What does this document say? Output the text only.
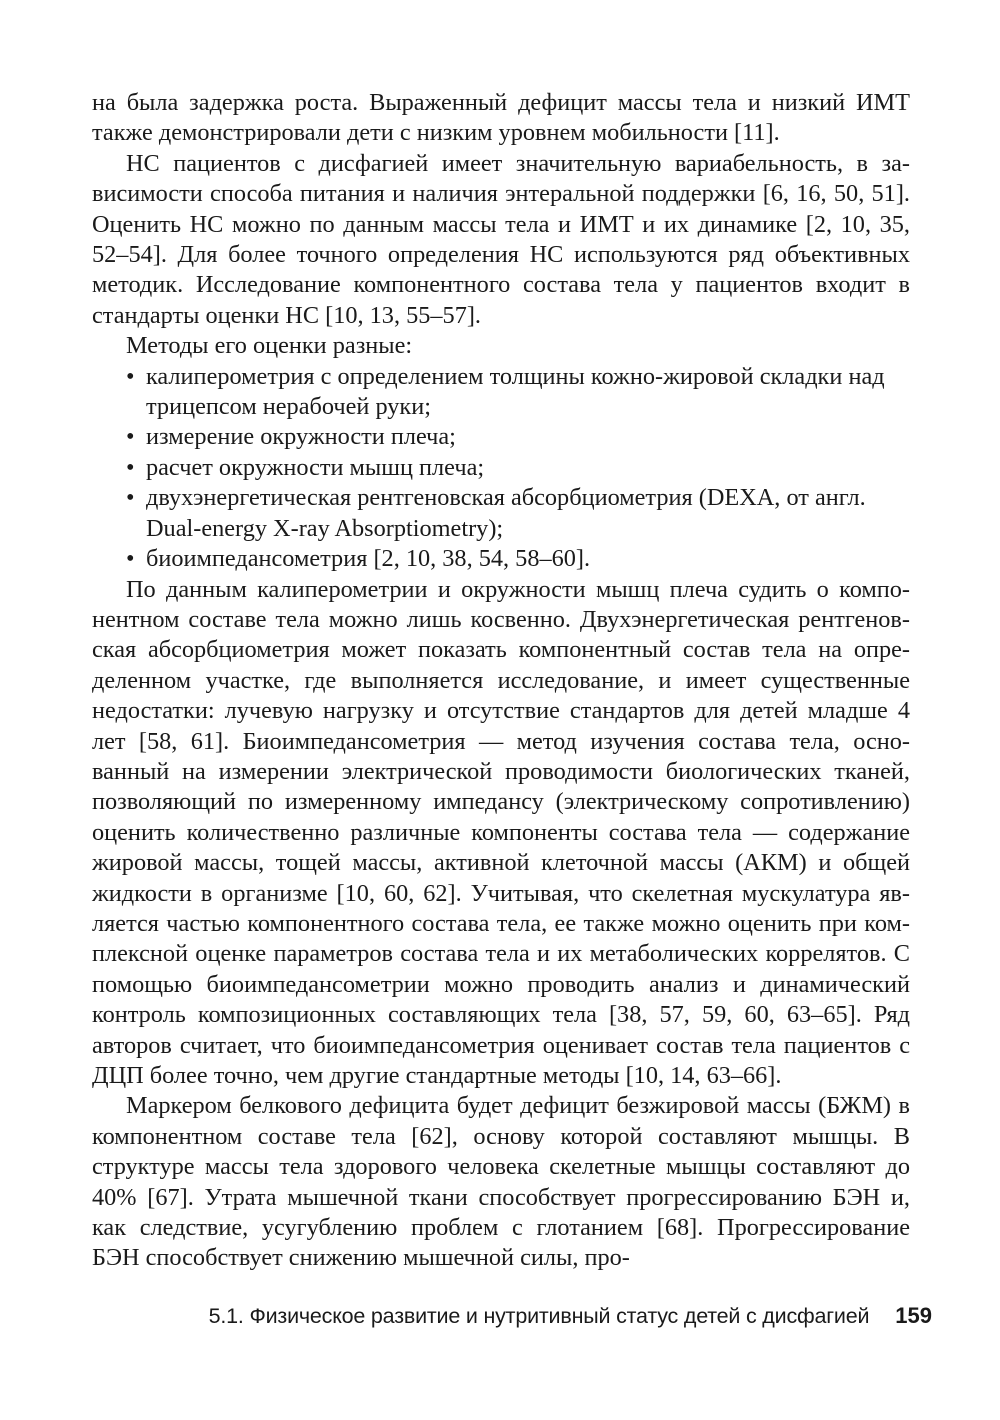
на была задержка роста. Выраженный дефицит массы тела и низкий ИМТ также демонстрировали дети с низким уровнем мобильности [11].

НС пациентов с дисфагией имеет значительную вариабельность, в зависимости способа питания и наличия энтеральной поддержки [6, 16, 50, 51]. Оценить НС можно по данным массы тела и ИМТ и их динамике [2, 10, 35, 52–54]. Для более точного определения НС используются ряд объективных методик. Исследование компонентного состава тела у пациентов входит в стандарты оценки НС [10, 13, 55–57].

Методы его оценки разные:

• калиперометрия с определением толщины кожно-жировой складки над трицепсом нерабочей руки;
• измерение окружности плеча;
• расчет окружности мышц плеча;
• двухэнергетическая рентгеновская абсорбциометрия (DEXA, от англ. Dual-energy X-ray Absorptiometry);
• биоимпедансометрия [2, 10, 38, 54, 58–60].

По данным калиперометрии и окружности мышц плеча судить о компонентном составе тела можно лишь косвенно. Двухэнергетическая рентгеновская абсорбциометрия может показать компонентный состав тела на определенном участке, где выполняется исследование, и имеет существенные недостатки: лучевую нагрузку и отсутствие стандартов для детей младше 4 лет [58, 61]. Биоимпедансометрия — метод изучения состава тела, основанный на измерении электрической проводимости биологических тканей, позволяющий по измеренному импедансу (электрическому сопротивлению) оценить количественно различные компоненты состава тела — содержание жировой массы, тощей массы, активной клеточной массы (АКМ) и общей жидкости в организме [10, 60, 62]. Учитывая, что скелетная мускулатура является частью компонентного состава тела, ее также можно оценить при комплексной оценке параметров состава тела и их метаболических коррелятов. С помощью биоимпедансометрии можно проводить анализ и динамический контроль композиционных составляющих тела [38, 57, 59, 60, 63–65]. Ряд авторов считает, что биоимпедансометрия оценивает состав тела пациентов с ДЦП более точно, чем другие стандартные методы [10, 14, 63–66].

Маркером белкового дефицита будет дефицит безжировой массы (БЖМ) в компонентном составе тела [62], основу которой составляют мышцы. В структуре массы тела здорового человека скелетные мышцы составляют до 40% [67]. Утрата мышечной ткани способствует прогрессированию БЭН и, как следствие, усугублению проблем с глотанием [68]. Прогрессирование БЭН способствует снижению мышечной силы, про-

5.1. Физическое развитие и нутритивный статус детей с дисфагией 159
